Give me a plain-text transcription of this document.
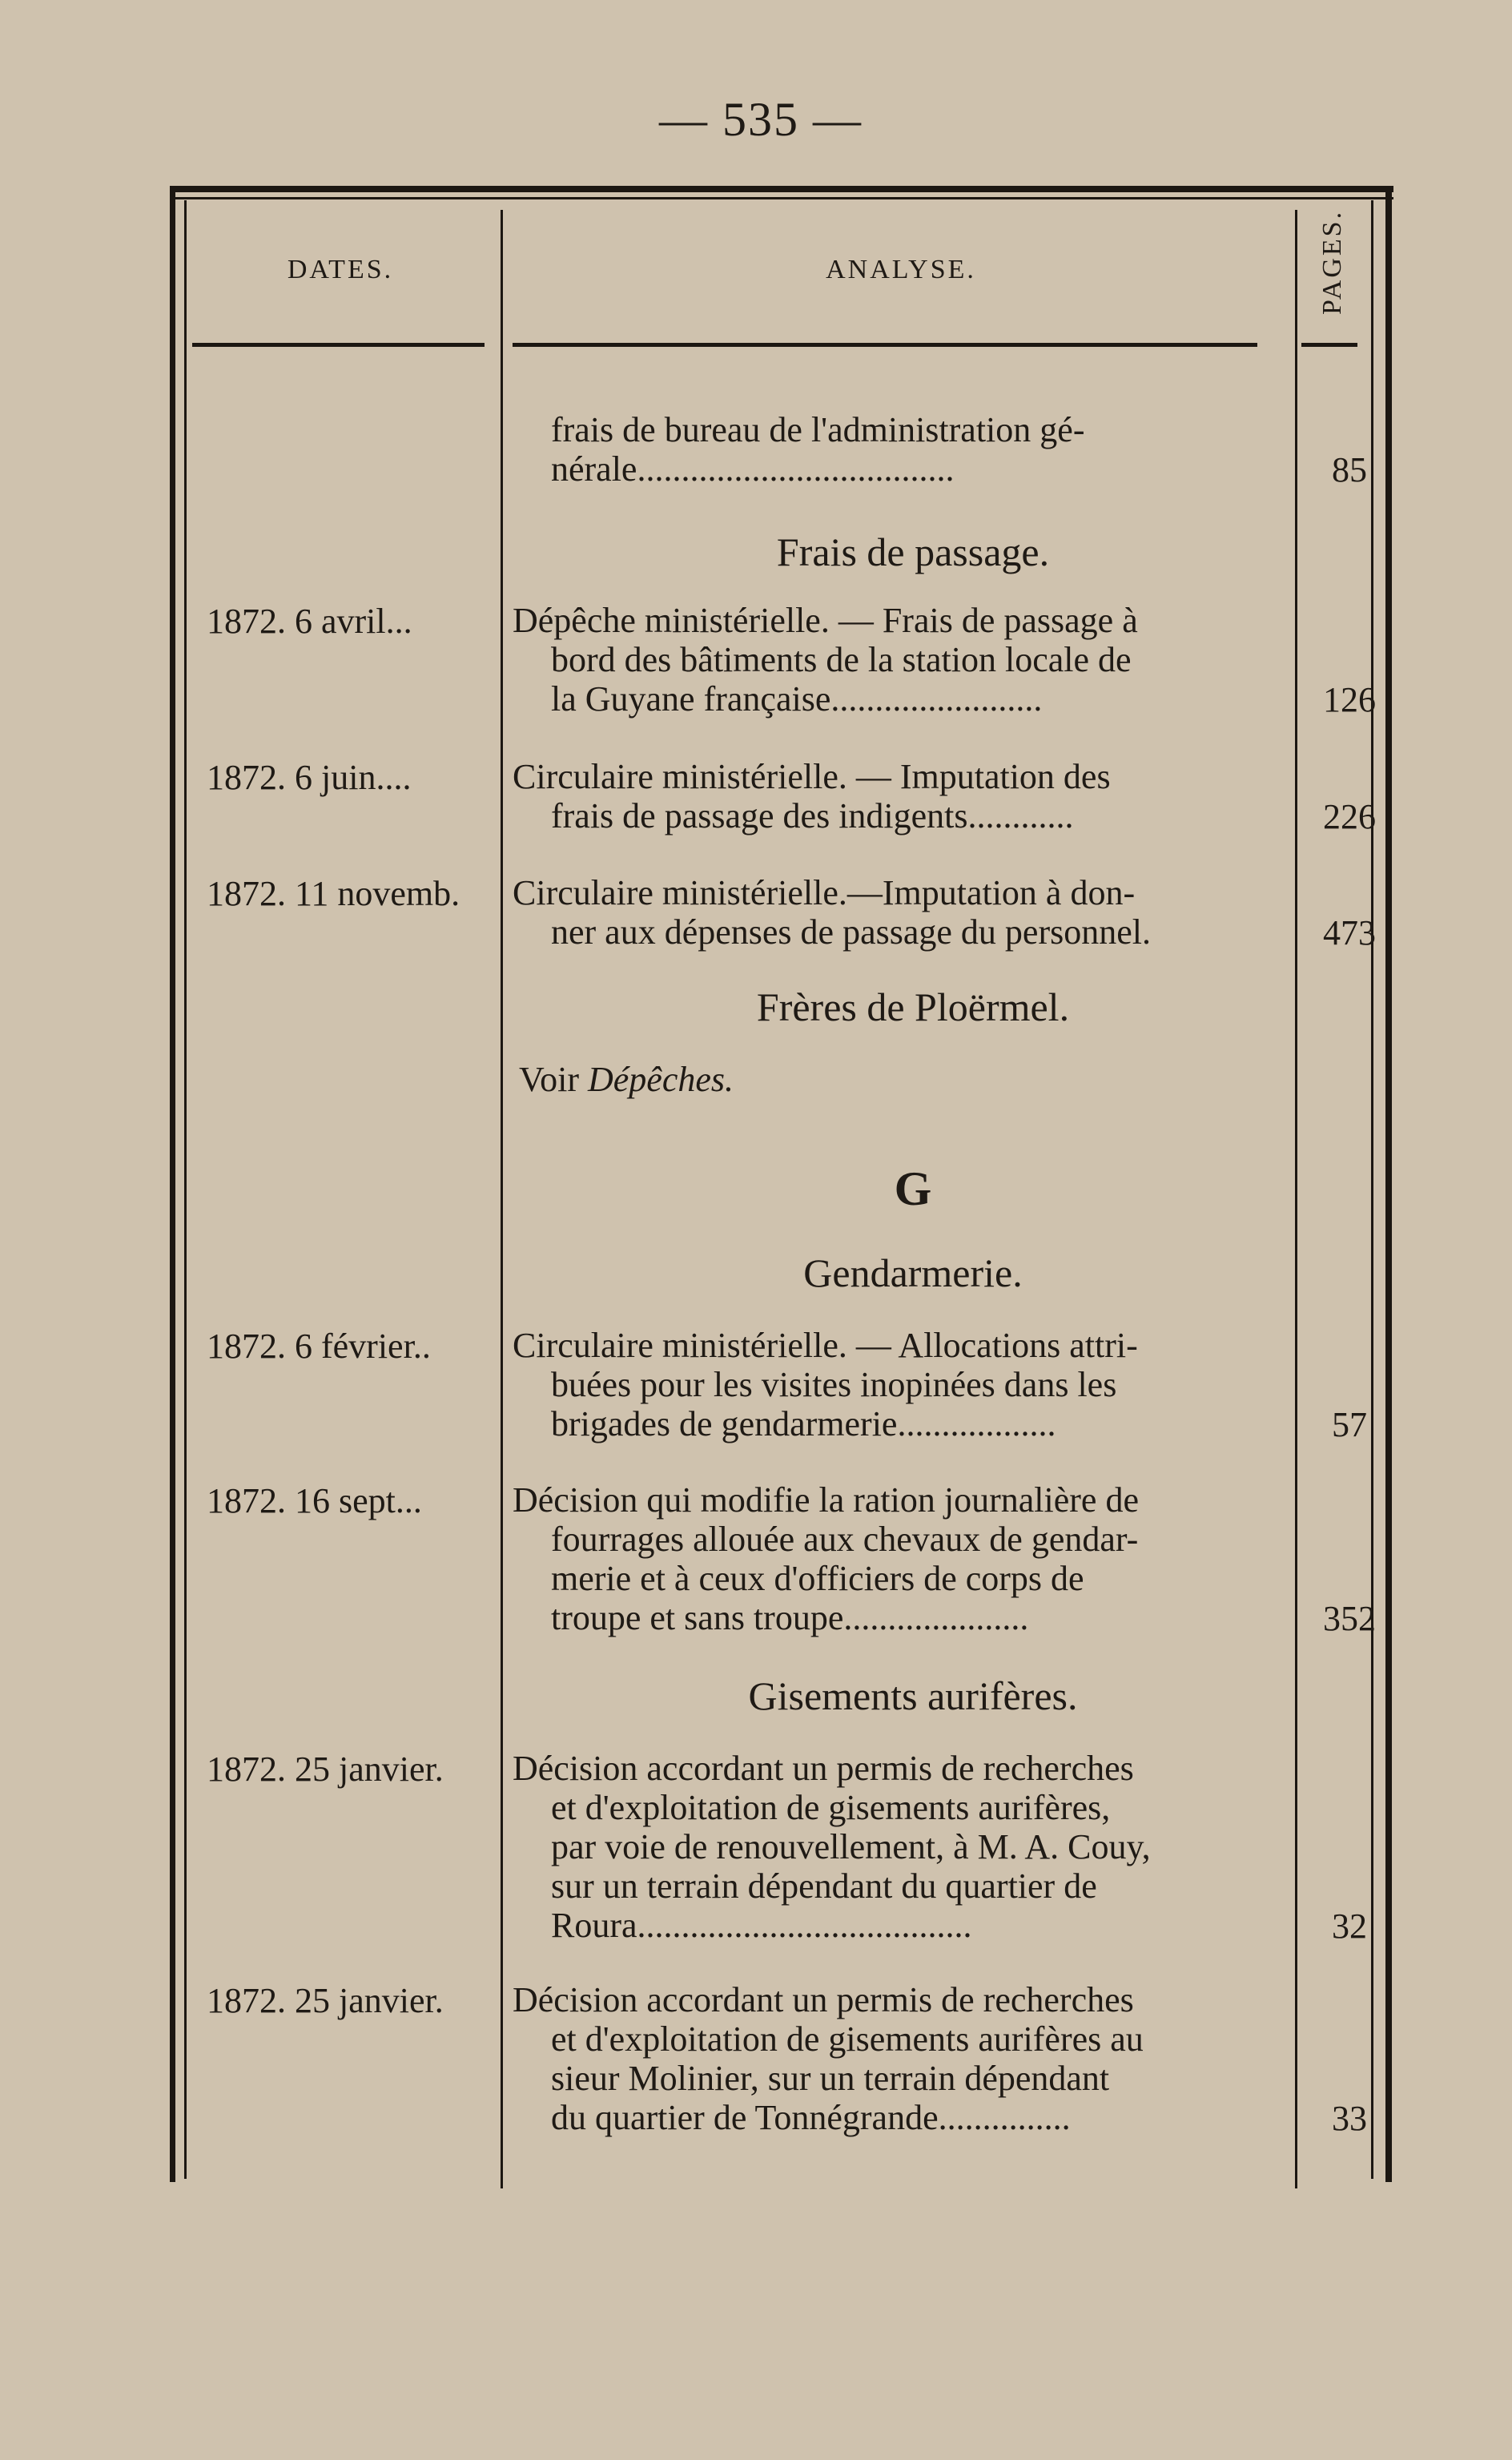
— 535 —
DATES.	ANALYSE.	PAGES.
frais de bureau de l'administration gé-
nérale....................................	85
Frais de passage.
1872. 6 avril...	Dépêche ministérielle. — Frais de passage à
bord des bâtiments de la station locale de
la Guyane française........................	126
1872. 6 juin....	Circulaire ministérielle. — Imputation des
frais de passage des indigents............	226
1872. 11 novemb. Circulaire ministérielle.—Imputation à don-
ner aux dépenses de passage du personnel.	473
Frères de Ploërmel.
Voir Dépêches.
G
Gendarmerie.
1872. 6 février.. Circulaire ministérielle. — Allocations attri-
buées pour les visites inopinées dans les
brigades de gendarmerie..................	57
1872. 16 sept...	Décision qui modifie la ration journalière de
fourrages allouée aux chevaux de gendar-
merie et à ceux d'officiers de corps de
troupe et sans troupe.....................	352
Gisements aurifères.
1872. 25 janvier. Décision accordant un permis de recherches
et d'exploitation de gisements aurifères,
par voie de renouvellement, à M. A. Couy,
sur un terrain dépendant du quartier de
Roura......................................	32
1872. 25 janvier. Décision accordant un permis de recherches
et d'exploitation de gisements aurifères au
sieur Molinier, sur un terrain dépendant
du quartier de Tonnégrande...............	33
